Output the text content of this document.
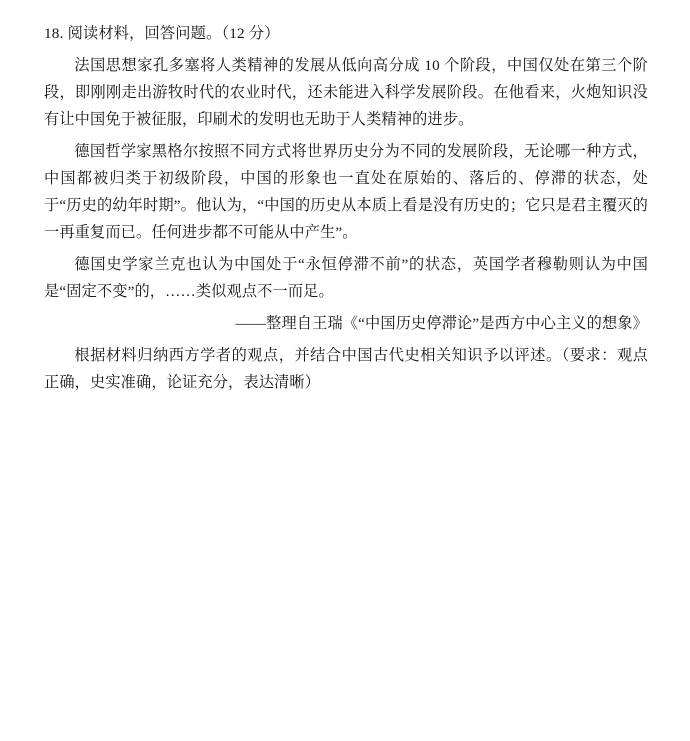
18. 阅读材料，回答问题。（12 分）

法国思想家孔多塞将人类精神的发展从低向高分成 10 个阶段，中国仅处在第三个阶段，即刚刚走出游牧时代的农业时代，还未能进入科学发展阶段。在他看来，火炮知识没有让中国免于被征服，印刷术的发明也无助于人类精神的进步。

德国哲学家黑格尔按照不同方式将世界历史分为不同的发展阶段，无论哪一种方式，中国都被归类于初级阶段，中国的形象也一直处在原始的、落后的、停滞的状态，处于“历史的幼年时期”。他认为，“中国的历史从本质上看是没有历史的；它只是君主覆灭的一再重复而已。任何进步都不可能从中产生”。

德国史学家兰克也认为中国处于“永恒停滞不前”的状态，英国学者穆勒则认为中国是“固定不变”的，……类似观点不一而足。

——整理自王瑞《“中国历史停滞论”是西方中心主义的想象》

根据材料归纳西方学者的观点，并结合中国古代史相关知识予以评述。（要求：观点正确，史实准确，论证充分，表达清晰）
